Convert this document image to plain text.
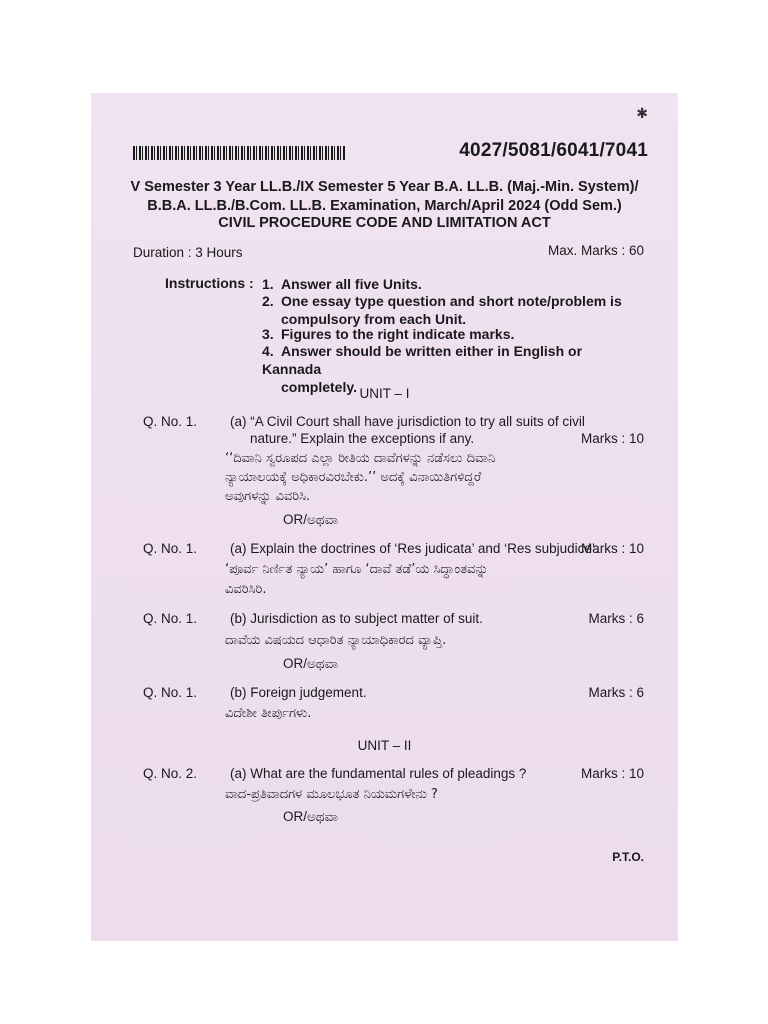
✱
4027/5081/6041/7041
V Semester 3 Year LL.B./IX Semester 5 Year B.A. LL.B. (Maj.-Min. System)/
B.B.A. LL.B./B.Com. LL.B. Examination, March/April 2024 (Odd Sem.)
CIVIL PROCEDURE CODE AND LIMITATION ACT
Duration : 3 Hours	Max. Marks : 60
Instructions : 1. Answer all five Units.
2. One essay type question and short note/problem is
compulsory from each Unit.
3. Figures to the right indicate marks.
4. Answer should be written either in English or Kannada
completely. UNIT – I
Q. No. 1. (a) “A Civil Court shall have jurisdiction to try all suits of civil
nature.” Explain the exceptions if any.	Marks : 10
‘‘ದಿವಾನಿ ಸ್ವರೂಪದ ಎಲ್ಲಾ ರೀತಿಯ ದಾವೆಗಳನ್ನು ನಡೆಸಲು ದಿವಾನಿ
ನ್ಯಾಯಾಲಯಕ್ಕೆ ಅಧಿಕಾರವಿರಬೇಕು.’’ ಅದಕ್ಕೆ ವಿನಾಯಿತಿಗಳಿದ್ದರೆ
ಅವುಗಳನ್ನು ವಿವರಿಸಿ.
OR/ಅಥವಾ
Q. No. 1. (a) Explain the doctrines of ‘Res judicata’ and ‘Res subjudice’.
Marks : 10
‘ಪೂರ್ವ ನಿರ್ಣಿತ ನ್ಯಾಯ’ ಹಾಗೂ ‘ದಾವೆ ತಡೆ’ಯ ಸಿದ್ಧಾಂತವನ್ನು
ವಿವರಿಸಿರಿ.
Q. No. 1. (b) Jurisdiction as to subject matter of suit.	Marks : 6
ದಾವೆಯ ವಿಷಯದ ಆಧಾರಿತ ನ್ಯಾಯಾಧಿಕಾರದ ವ್ಯಾಪ್ತಿ.
OR/ಅಥವಾ
Q. No. 1. (b) Foreign judgement.	Marks : 6
ವಿದೇಶೀ ತೀರ್ಪುಗಳು.
UNIT – II
Q. No. 2. (a) What are the fundamental rules of pleadings ?	Marks : 10
ವಾದ-ಪ್ರತಿವಾದಗಳ ಮೂಲಭೂತ ನಿಯಮಗಳೇನು ?
OR/ಅಥವಾ
P.T.O.
